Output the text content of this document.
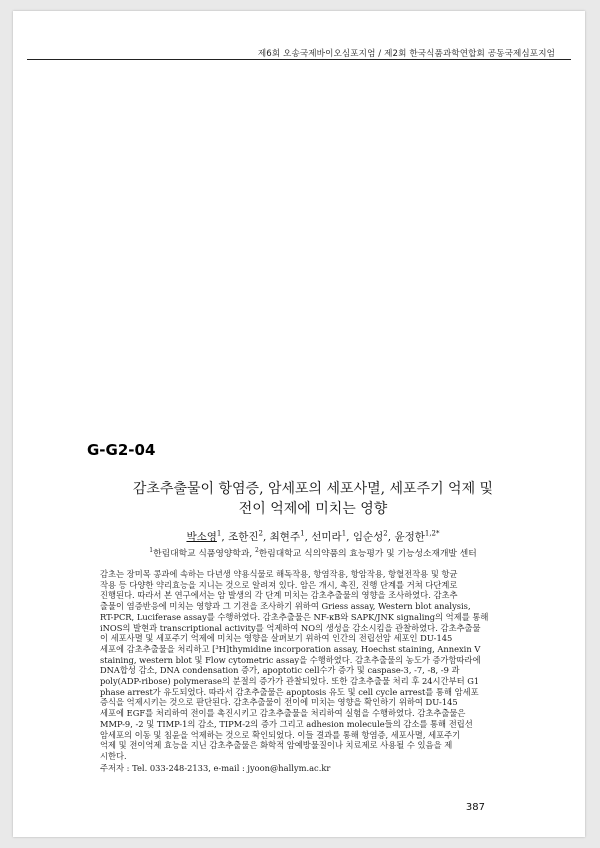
제6회 오송국제바이오심포지엄 / 제2회 한국식품과학연합회 공동국제심포지엄
G-G2-04
감초추출물이 항염증, 암세포의 세포사멸, 세포주기 억제 및
전이 억제에 미치는 영향
박소영$^1$, 조한진$^2$, 최현주$^1$, 선미라$^1$, 임순성$^2$, 윤정한$^{1,2*}$
$^1$한림대학교 식품영양학과, $^2$한림대학교 식의약품의 효능평가 및 기능성소재개발 센터
감초는 장미목 콩과에 속하는 다년생 약용식물로 해독작용, 항염작용, 항암작용, 항혈전작용 및 항균
작용 등 다양한 약리효능을 지니는 것으로 알려져 있다. 암은 개시, 촉진, 진행 단계를 거쳐 다단계로
진행된다. 따라서 본 연구에서는 암 발생의 각 단계 미치는 감초추출물의 영향을 조사하였다. 감초추
출물이 염증반응에 미치는 영향과 그 기전을 조사하기 위하여 Griess assay, Western blot analysis,
RT-PCR, Luciferase assay를 수행하였다. 감초추출물은 NF-κB와 SAPK/JNK signaling의 억제를 통해
iNOS의 발현과 transcriptional activity를 억제하여 NO의 생성을 감소시킴을 관찰하였다. 감초추출물
이 세포사멸 및 세포주기 억제에 미치는 영향을 살펴보기 위하여 인간의 전립선암 세포인 DU-145
세포에 감초추출물을 처리하고 [³H]thymidine incorporation assay, Hoechst staining, Annexin V
staining, western blot 및 Flow cytometric assay을 수행하였다. 감초추출물의 농도가 증가함따라에
DNA합성 감소, DNA condensation 증가, apoptotic cell수가 증가 및 caspase-3, -7, -8, -9 과
poly(ADP-ribose) polymerase의 분절의 증가가 관찰되었다. 또한 감초추출물 처리 후 24시간부터 G1
phase arrest가 유도되었다. 따라서 감초추출물은 apoptosis 유도 및 cell cycle arrest를 통해 암세포
증식을 억제시키는 것으로 판단된다. 감초추출물이 전이에 미치는 영향을 확인하기 위하여 DU-145
세포에 EGF를 처리하여 전이를 촉진시키고 감초추출물을 처리하여 실험을 수행하였다. 감초추출물은
MMP-9, -2 및 TIMP-1의 감소, TIPM-2의 증가 그리고 adhesion molecule들의 감소를 통해 전립선
암세포의 이동 및 침윤을 억제하는 것으로 확인되었다. 이들 결과를 통해 항염증, 세포사멸, 세포주기
억제 및 전이억제 효능을 지닌 감초추출물은 화학적 암예방물질이나 치료제로 사용될 수 있음을 제
시한다.
주저자 : Tel. 033-248-2133, e-mail : jyoon@hallym.ac.kr
387
